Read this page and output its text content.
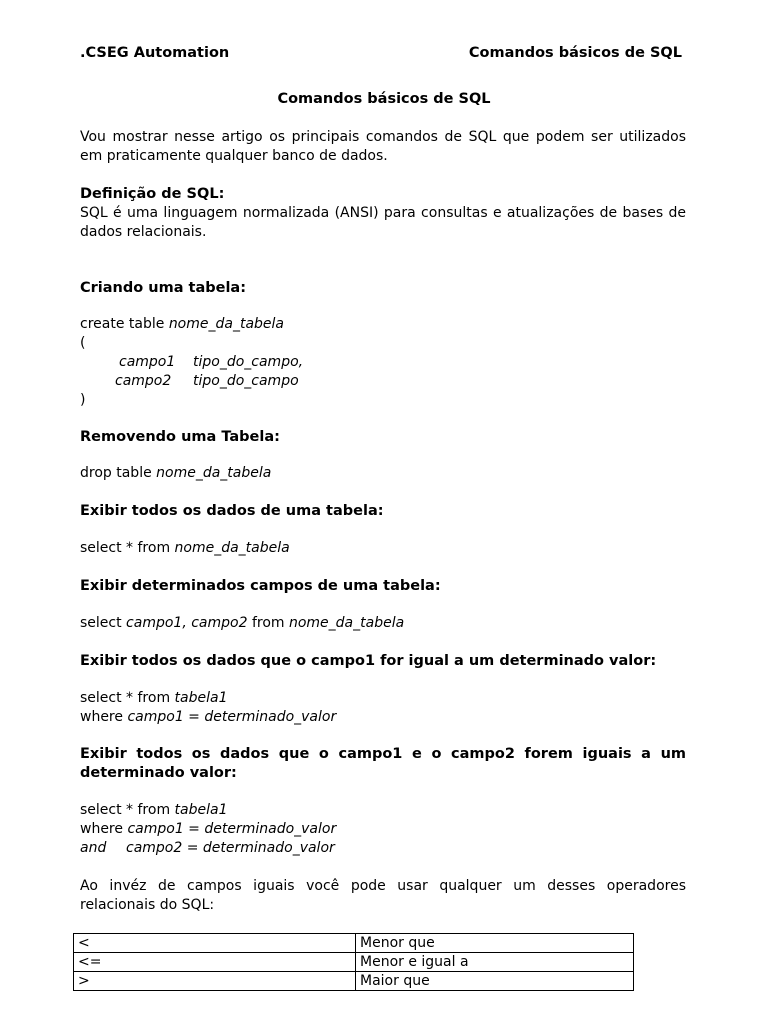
.CSEG Automation	Comandos básicos de SQL
Comandos básicos de SQL
Vou mostrar nesse artigo os principais comandos de SQL que podem ser utilizados em praticamente qualquer banco de dados.
Definição de SQL:
SQL é uma linguagem normalizada (ANSI) para consultas e atualizações de bases de dados relacionais.
Criando uma tabela:
create table nome_da_tabela
(
campo1 tipo_do_campo,
campo2 tipo_do_campo
)
Removendo uma Tabela:
drop table nome_da_tabela
Exibir todos os dados de uma tabela:
select * from nome_da_tabela
Exibir determinados campos de uma tabela:
select campo1, campo2 from nome_da_tabela
Exibir todos os dados que o campo1 for igual a um determinado valor:
select * from tabela1
where campo1 = determinado_valor
Exibir todos os dados que o campo1 e o campo2 forem iguais a um determinado valor:
select * from tabela1
where campo1 = determinado_valor
and campo2 = determinado_valor
Ao invéz de campos iguais você pode usar qualquer um desses operadores relacionais do SQL:
<	Menor que
<=	Menor e igual a
>	Maior que
